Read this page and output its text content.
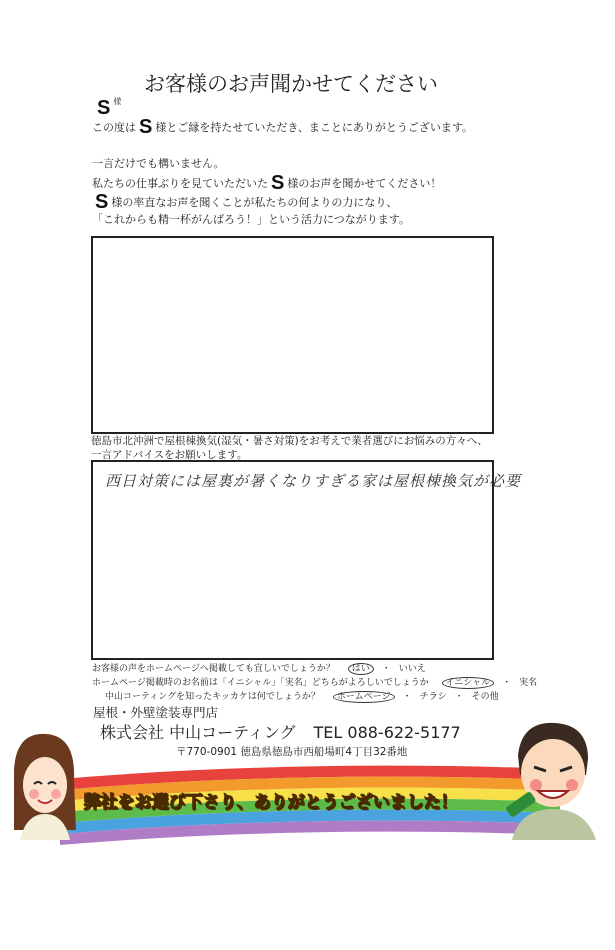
お客様のお声聞かせてください
S $^様$
この度は S 様とご縁を持たせていただき、まことにありがとうございます。
一言だけでも構いません。
私たちの仕事ぶりを見ていただいた S 様のお声を聞かせてください！
S様の率直なお声を聞くことが私たちの何よりの力になり、
「これからも精一杯がんばろう！」という活力につながります。
徳島市北沖洲で屋根棟換気(湿気・暑さ対策)をお考えで業者選びにお悩みの方々へ、
一言アドバイスをお願いします。
西日対策には屋裏が暑くなりすぎる家は屋根棟換気が必要
お客様の声をホームページへ掲載しても宜しいでしょうか？ はい ・ いいえ
ホームページ掲載時のお名前は「イニシャル」「実名」どちらがよろしいでしょうか イニシャル ・ 実名
中山コーティングを知ったキッカケは何でしょうか？ ホームページ ・ チラシ ・ その他
屋根・外壁塗装専門店
株式会社 中山コーティング TEL 088-622-5177
〒770-0901 徳島県徳島市西船場町4丁目32番地
弊社をお選び下さり、ありがとうございました！
